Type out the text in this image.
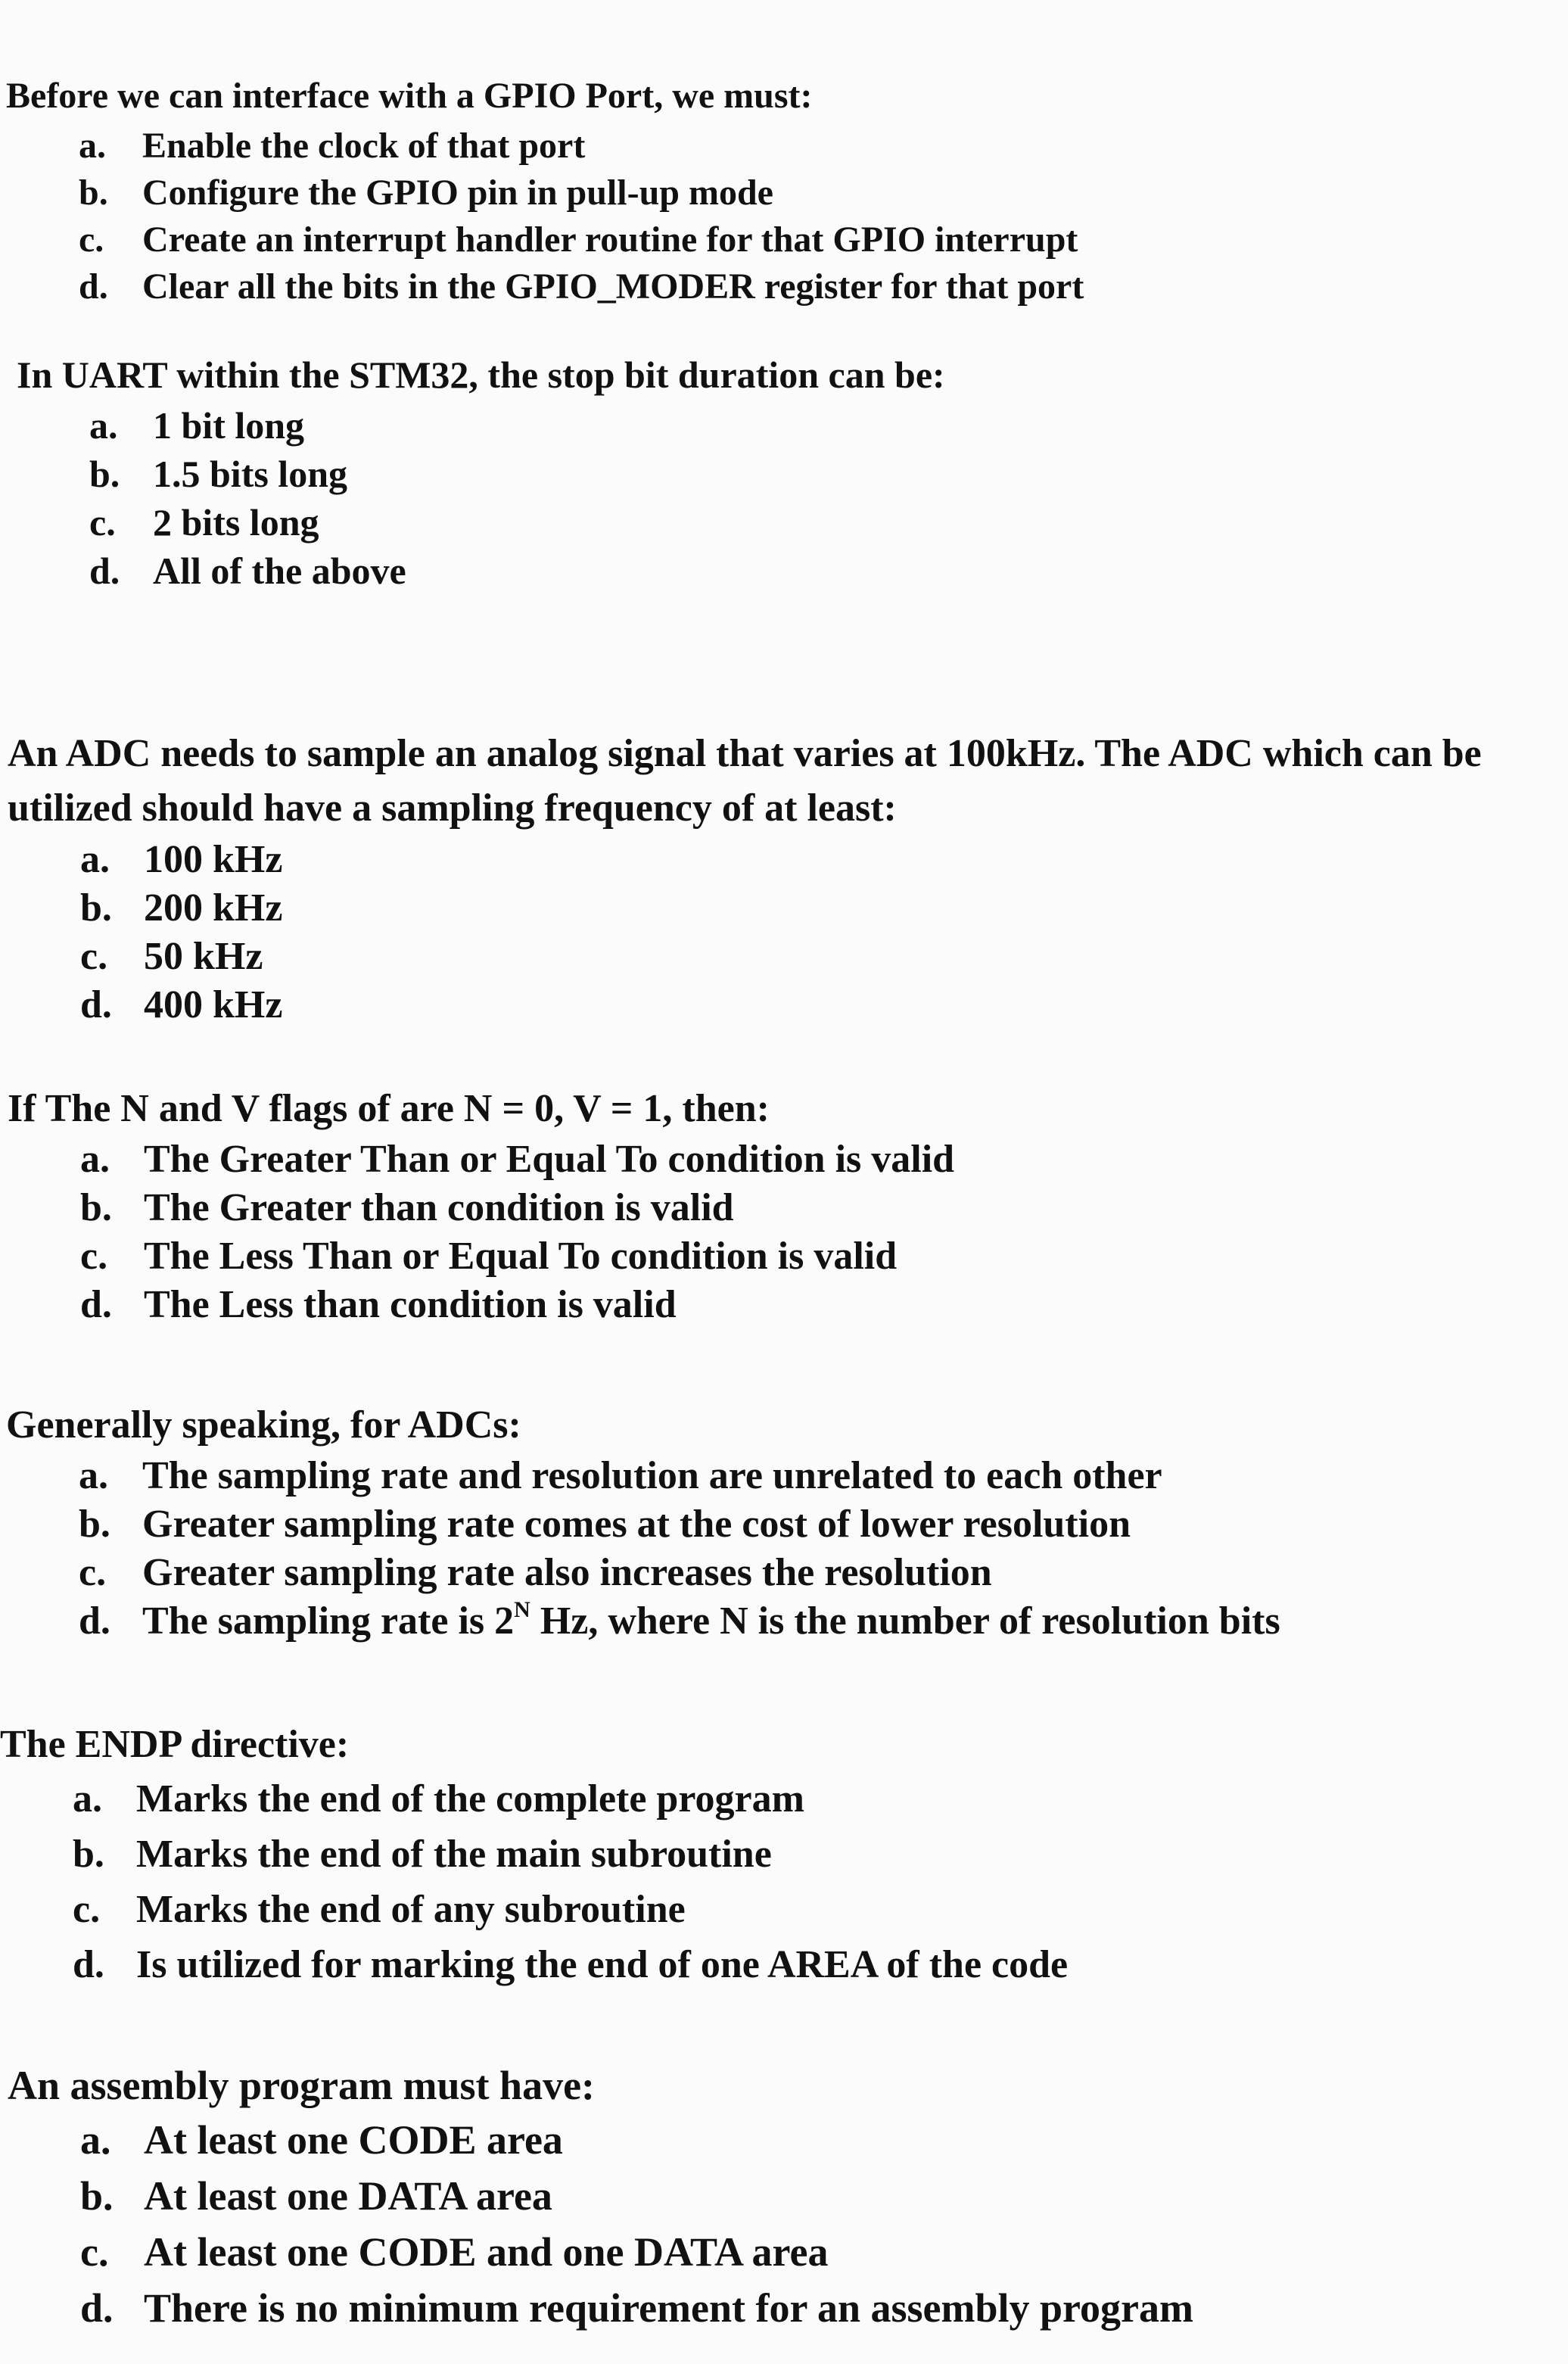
Before we can interface with a GPIO Port, we must:

a. Enable the clock of that port
b. Configure the GPIO pin in pull-up mode
c. Create an interrupt handler routine for that GPIO interrupt
d. Clear all the bits in the GPIO_MODER register for that port

In UART within the STM32, the stop bit duration can be:

a. 1 bit long
b. 1.5 bits long
c. 2 bits long
d. All of the above

An ADC needs to sample an analog signal that varies at 100kHz. The ADC which can be utilized should have a sampling frequency of at least:

a. 100 kHz
b. 200 kHz
c. 50 kHz
d. 400 kHz

If The N and V flags of are N = 0, V = 1, then:

a. The Greater Than or Equal To condition is valid
b. The Greater than condition is valid
c. The Less Than or Equal To condition is valid
d. The Less than condition is valid

Generally speaking, for ADCs:

a. The sampling rate and resolution are unrelated to each other
b. Greater sampling rate comes at the cost of lower resolution
c. Greater sampling rate also increases the resolution
d. The sampling rate is $2^N$ Hz, where N is the number of resolution bits

The ENDP directive:

a. Marks the end of the complete program
b. Marks the end of the main subroutine
c. Marks the end of any subroutine
d. Is utilized for marking the end of one AREA of the code

An assembly program must have:

a. At least one CODE area
b. At least one DATA area
c. At least one CODE and one DATA area
d. There is no minimum requirement for an assembly program
